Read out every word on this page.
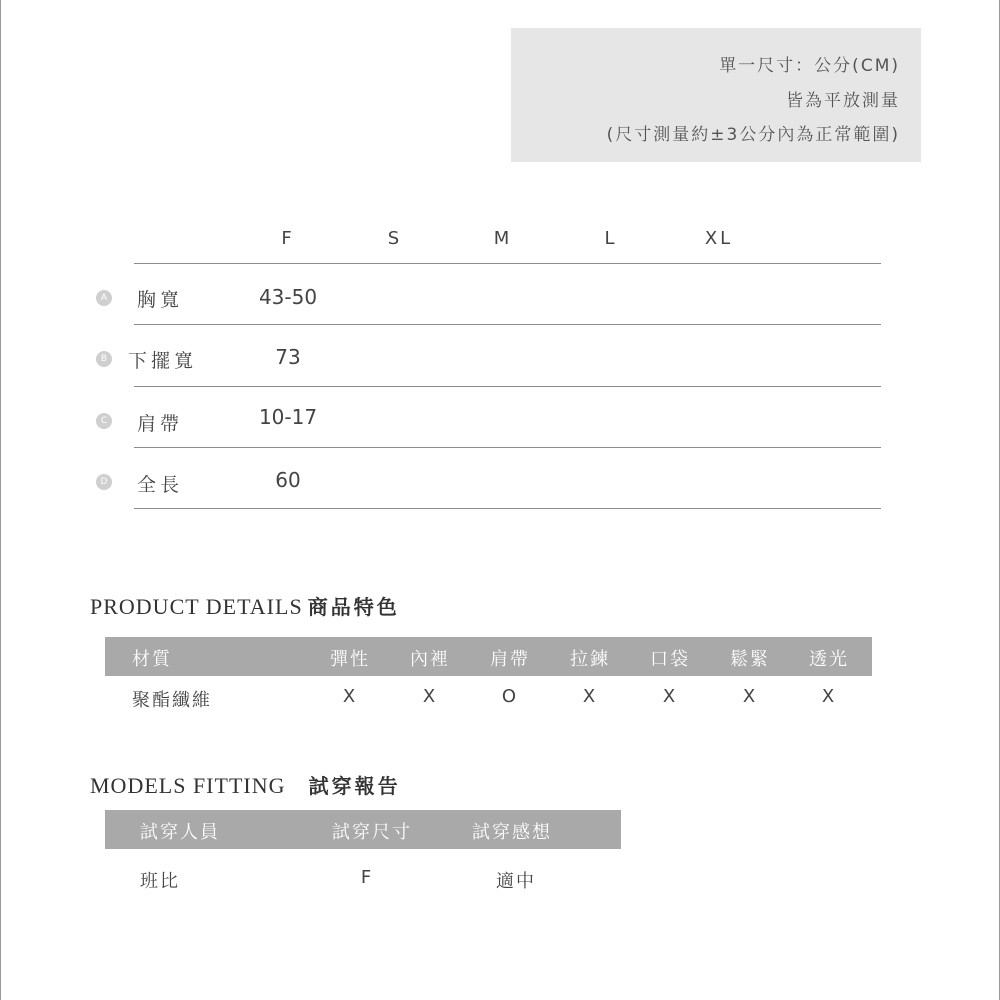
單一尺寸：公分(CM)
皆為平放測量
(尺寸測量約±3公分內為正常範圍)
F	S	M	L	XL
A 胸寬	43-50
B 下擺寬	73
C 肩帶	10-17
D 全長	60
PRODUCT DETAILS 商品特色
材質	彈性 內裡 肩帶 拉鍊 口袋 鬆緊 透光
聚酯纖維	X	X	O	X	X	X	X
MODELS FITTING 試穿報告
試穿人員	試穿尺寸	試穿感想
班比	F	適中
